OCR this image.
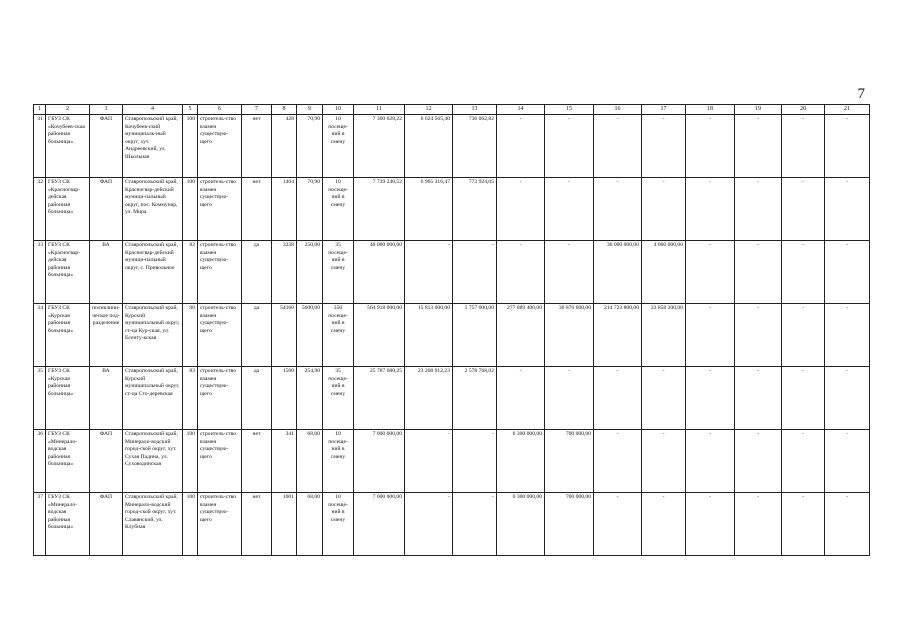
7
1	2	3	4	5	6	7	8	9	10	11	12	13	14	15	16	17	18	19	20	21
31	ГБУЗ СК «Кочубеев-ская районная больница»	ФАП	Ставропольский край, Кочубеев-ский муниципаль-ный округ, хут. Андреевский, ул. Школьная	100	строитель-ство взамен существую-щего	нет	428	70,90	10 посеще-ний в смену	7 360 628,22	6 624 565,40	736 062,82	-	-	-	-	-	-	-	-
32	ГБУЗ СК «Красногвар-дейская районная больница»	ФАП	Ставропольский край, Красногвар-дейский муници-пальный округ, пос. Коммунар, ул. Мира	100	строитель-ство взамен существую-щего	нет	1464	70,90	10 посеще-ний в смену	7 739 240,52	6 965 316,47	773 924,05	-	-	-	-	-	-	-	-
33	ГБУЗ СК «Красногвар-дейская районная больница»	ВА	Ставропольский край, Красногвар-дейский муници-пальный округ, с. Привольное	82	строитель-ство взамен существую-щего	да	3338	250,00	35 посеще-ний в смену	40 000 000,00	-	-	-	-	36 000 000,00	4 000 000,00	-	-	-	-
34	ГБУЗ СК «Курская районная больница»	поликлини-ческое под-разделение	Ставропольский край, Курский муниципальный округ, ст-ца Кур-ская, ул. Есенту-кская	90	строитель-ство взамен существую-щего	да	54160	5600,00	350 посеще-ний в смену	564 918 000,00	15 813 000,00	1 757 000,00	277 889 400,00	30 876 600,00	214 723 800,00	23 858 200,00	-	-	-	-
35	ГБУЗ СК «Курская районная больница»	ВА	Ставропольский край, Курский муниципальный округ, ст-ца Сто-деревская	83	строитель-ство взамен существую-щего	да	1560	254,90	35 посеще-ний в смену	25 787 680,25	23 208 912,23	2 578 768,02	-	-	-	-	-	-	-	-
36	ГБУЗ СК «Минерало-водская районная больница»	ФАП	Ставропольский край, Минерало-водский город-ской округ, хут. Сухая Падина, ул. Суховодинская	100	строитель-ство взамен существую-щего	нет	341	68,00	10 посеще-ний в смену	7 000 000,00	-	-	6 300 000,00	700 000,00	-	-	-	-	-	-
37	ГБУЗ СК «Минерало-водская районная больница»	ФАП	Ставропольский край, Минерало-водский город-ской округ, хут. Славянский, ул. Клубная	100	строитель-ство взамен существую-щего	нет	1001	68,00	10 посеще-ний в смену	7 000 000,00	-	-	6 300 000,00	700 000,00	-	-	-	-	-	-
